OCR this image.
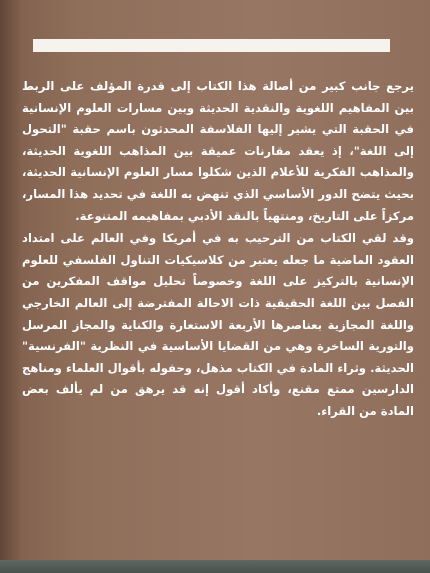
يرجع جانب كبير من أصالة هذا الكتاب إلى قدرة المؤلف على الربط بين المفاهيم اللغوية والنقدية الحديثة وبين مسارات العلوم الإنسانية في الحقبة التي يشير إليها الفلاسفة المحدثون باسم حقبة "التحول إلى اللغة"، إذ يعقد مقارنات عميقة بين المذاهب اللغوية الحديثة، والمذاهب الفكرية للأعلام الذين شكلوا مسار العلوم الإنسانية الحديثة، بحيث يتضح الدور الأساسي الذي تنهض به اللغة في تحديد هذا المسار، مركزاً على التاريخ، ومنتهياً بالنقد الأدبي بمفاهيمه المتنوعة.

وقد لقي الكتاب من الترحيب به في أمريكا وفي العالم على امتداد العقود الماضية ما جعله يعتبر من كلاسيكيات التناول الفلسفي للعلوم الإنسانية بالتركيز على اللغة وخصوصاً تحليل مواقف المفكرين من الفصل بين اللغة الحقيقية ذات الاحالة المفترضة إلى العالم الخارجي واللغة المجازية بعناصرها الأربعة الاستعارة والكناية والمجاز المرسل والتورية الساخرة وهي من القضايا الأساسية في النظرية "الفرنسية" الحديثة. وثراء المادة في الكتاب مذهل، وحفوله بأقوال العلماء ومناهج الدارسين ممتع مقنع، وأكاد أقول إنه قد يرهق من لم يألف بعض المادة من القراء.
